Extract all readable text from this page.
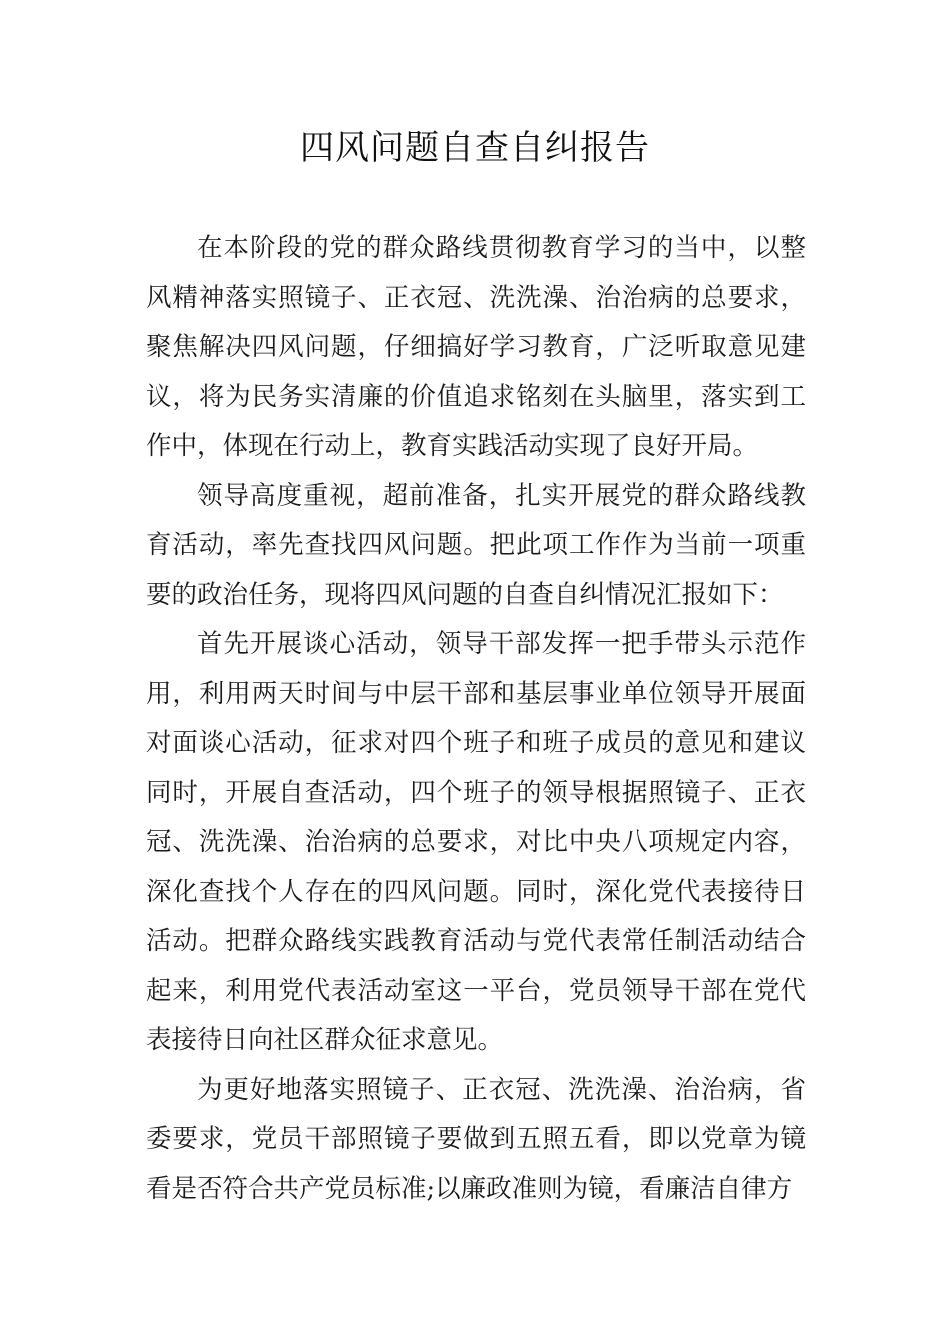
四风问题自查自纠报告

在本阶段的党的群众路线贯彻教育学习的当中，以整风精神落实照镜子、正衣冠、洗洗澡、治治病的总要求，聚焦解决四风问题，仔细搞好学习教育，广泛听取意见建议，将为民务实清廉的价值追求铭刻在头脑里，落实到工作中，体现在行动上，教育实践活动实现了良好开局。

领导高度重视，超前准备，扎实开展党的群众路线教育活动，率先查找四风问题。把此项工作作为当前一项重要的政治任务，现将四风问题的自查自纠情况汇报如下：

首先开展谈心活动，领导干部发挥一把手带头示范作用，利用两天时间与中层干部和基层事业单位领导开展面对面谈心活动，征求对四个班子和班子成员的意见和建议同时，开展自查活动，四个班子的领导根据照镜子、正衣冠、洗洗澡、治治病的总要求，对比中央八项规定内容，深化查找个人存在的四风问题。同时，深化党代表接待日活动。把群众路线实践教育活动与党代表常任制活动结合起来，利用党代表活动室这一平台，党员领导干部在党代表接待日向社区群众征求意见。

为更好地落实照镜子、正衣冠、洗洗澡、治治病，省委要求，党员干部照镜子要做到五照五看，即以党章为镜看是否符合共产党员标准;以廉政准则为镜，看廉洁自律方
